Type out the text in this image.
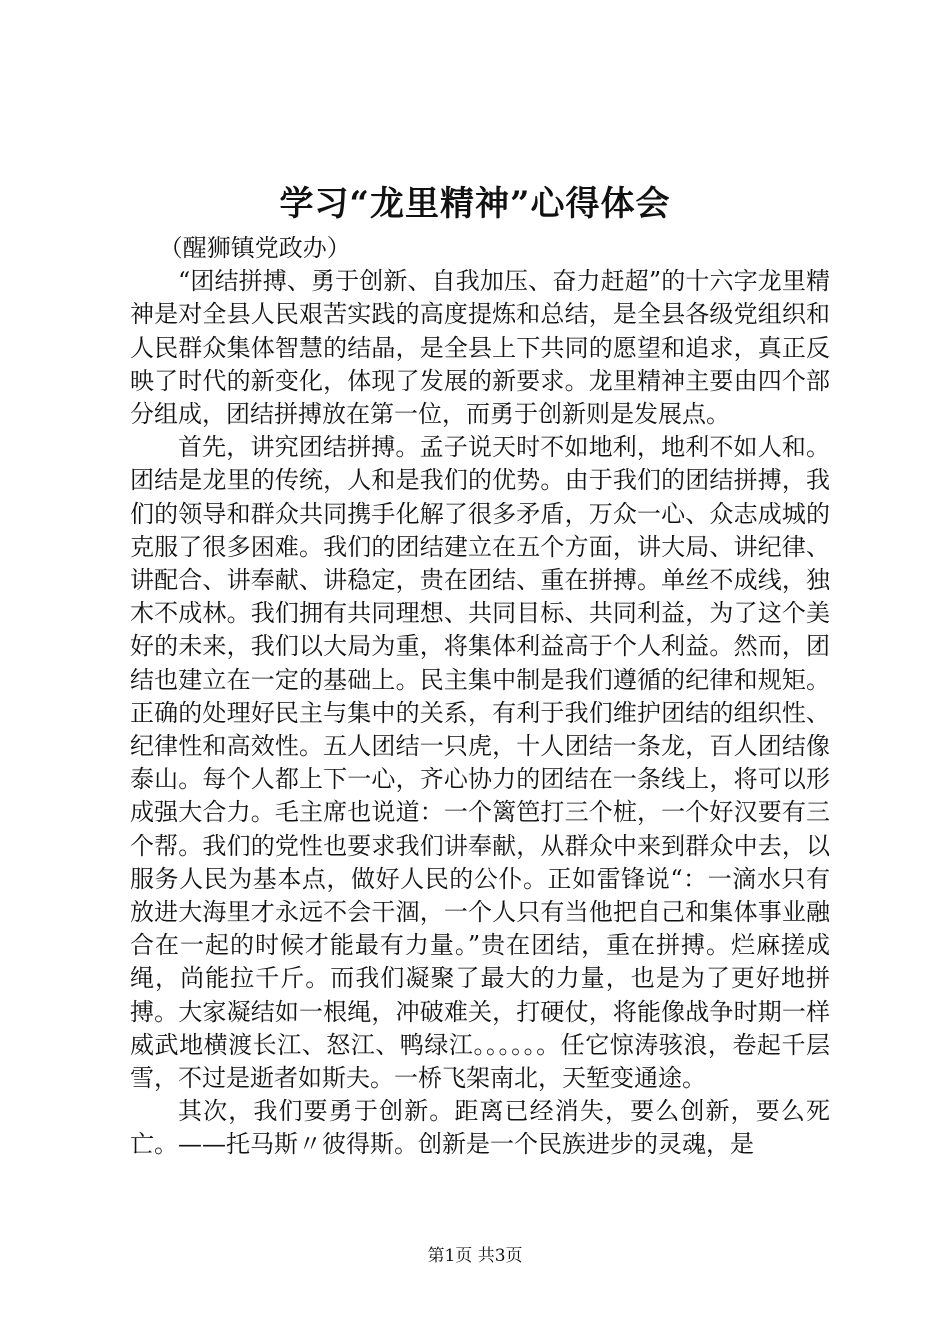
学习“龙里精神”心得体会

（醒狮镇党政办）

“团结拼搏、勇于创新、自我加压、奋力赶超”的十六字龙里精神是对全县人民艰苦实践的高度提炼和总结，是全县各级党组织和人民群众集体智慧的结晶，是全县上下共同的愿望和追求，真正反映了时代的新变化，体现了发展的新要求。龙里精神主要由四个部分组成，团结拼搏放在第一位，而勇于创新则是发展点。

首先，讲究团结拼搏。孟子说天时不如地利，地利不如人和。团结是龙里的传统，人和是我们的优势。由于我们的团结拼搏，我们的领导和群众共同携手化解了很多矛盾，万众一心、众志成城的克服了很多困难。我们的团结建立在五个方面，讲大局、讲纪律、讲配合、讲奉献、讲稳定，贵在团结、重在拼搏。单丝不成线，独木不成林。我们拥有共同理想、共同目标、共同利益，为了这个美好的未来，我们以大局为重，将集体利益高于个人利益。然而，团结也建立在一定的基础上。民主集中制是我们遵循的纪律和规矩。正确的处理好民主与集中的关系，有利于我们维护团结的组织性、纪律性和高效性。五人团结一只虎，十人团结一条龙，百人团结像泰山。每个人都上下一心，齐心协力的团结在一条线上，将可以形成强大合力。毛主席也说道：一个篱笆打三个桩，一个好汉要有三个帮。我们的党性也要求我们讲奉献，从群众中来到群众中去，以服务人民为基本点，做好人民的公仆。正如雷锋说“：一滴水只有放进大海里才永远不会干涸，一个人只有当他把自己和集体事业融合在一起的时候才能最有力量。”贵在团结，重在拼搏。烂麻搓成绳，尚能拉千斤。而我们凝聚了最大的力量，也是为了更好地拼搏。大家凝结如一根绳，冲破难关，打硬仗，将能像战争时期一样威武地横渡长江、怒江、鸭绿江。。。。。。任它惊涛骇浪，卷起千层雪，不过是逝者如斯夫。一桥飞架南北，天堑变通途。

其次，我们要勇于创新。距离已经消失，要么创新，要么死亡。——托马斯〃彼得斯。创新是一个民族进步的灵魂，是

第1页 共3页
